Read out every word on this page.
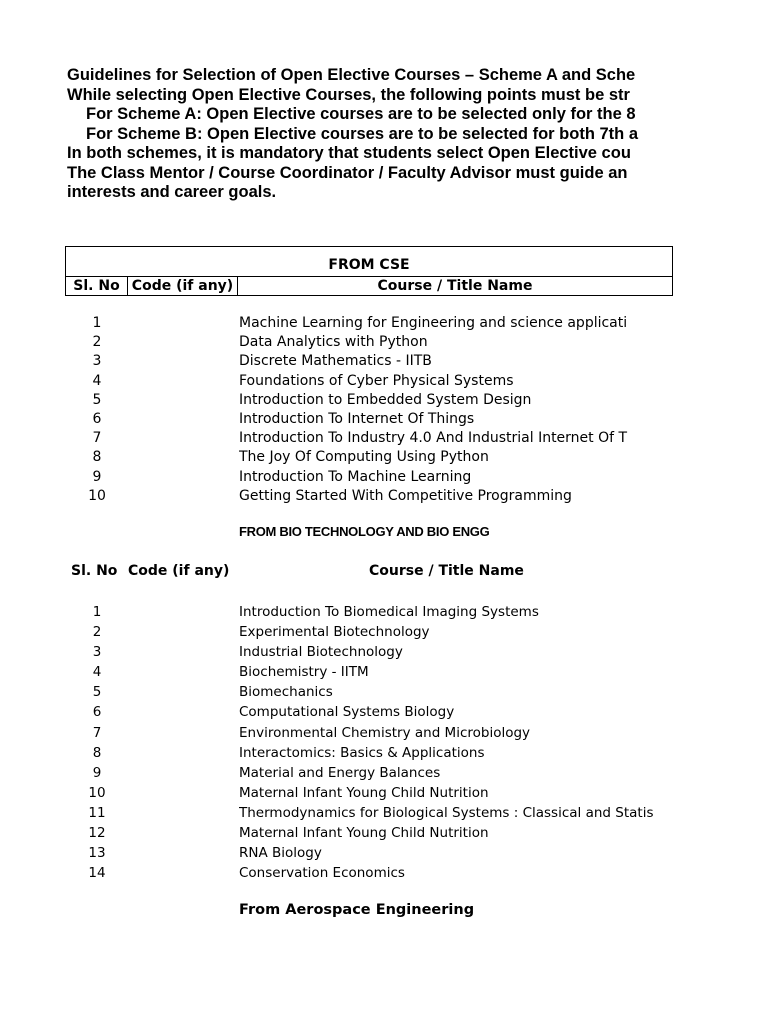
Guidelines for Selection of Open Elective Courses – Scheme A and Sche
While selecting Open Elective Courses, the following points must be str
For Scheme A: Open Elective courses are to be selected only for the 8
For Scheme B: Open Elective courses are to be selected for both 7th a
In both schemes, it is mandatory that students select Open Elective cou
The Class Mentor / Course Coordinator / Faculty Advisor must guide an
interests and career goals.
FROM CSE
Sl. No Code (if any)	Course / Title Name
1	Machine Learning for Engineering and science applicati
2	Data Analytics with Python
3	Discrete Mathematics - IITB
4	Foundations of Cyber Physical Systems
5	Introduction to Embedded System Design
6	Introduction To Internet Of Things
7	Introduction To Industry 4.0 And Industrial Internet Of T
8	The Joy Of Computing Using Python
9	Introduction To Machine Learning
10	Getting Started With Competitive Programming
FROM BIO TECHNOLOGY AND BIO ENGG
Sl. No Code (if any)	Course / Title Name
1	Introduction To Biomedical Imaging Systems
2	Experimental Biotechnology
3	Industrial Biotechnology
4	Biochemistry - IITM
5	Biomechanics
6	Computational Systems Biology
7	Environmental Chemistry and Microbiology
8	Interactomics: Basics & Applications
9	Material and Energy Balances
10	Maternal Infant Young Child Nutrition
11	Thermodynamics for Biological Systems : Classical and Statis
12	Maternal Infant Young Child Nutrition
13	RNA Biology
14	Conservation Economics
From Aerospace Engineering
